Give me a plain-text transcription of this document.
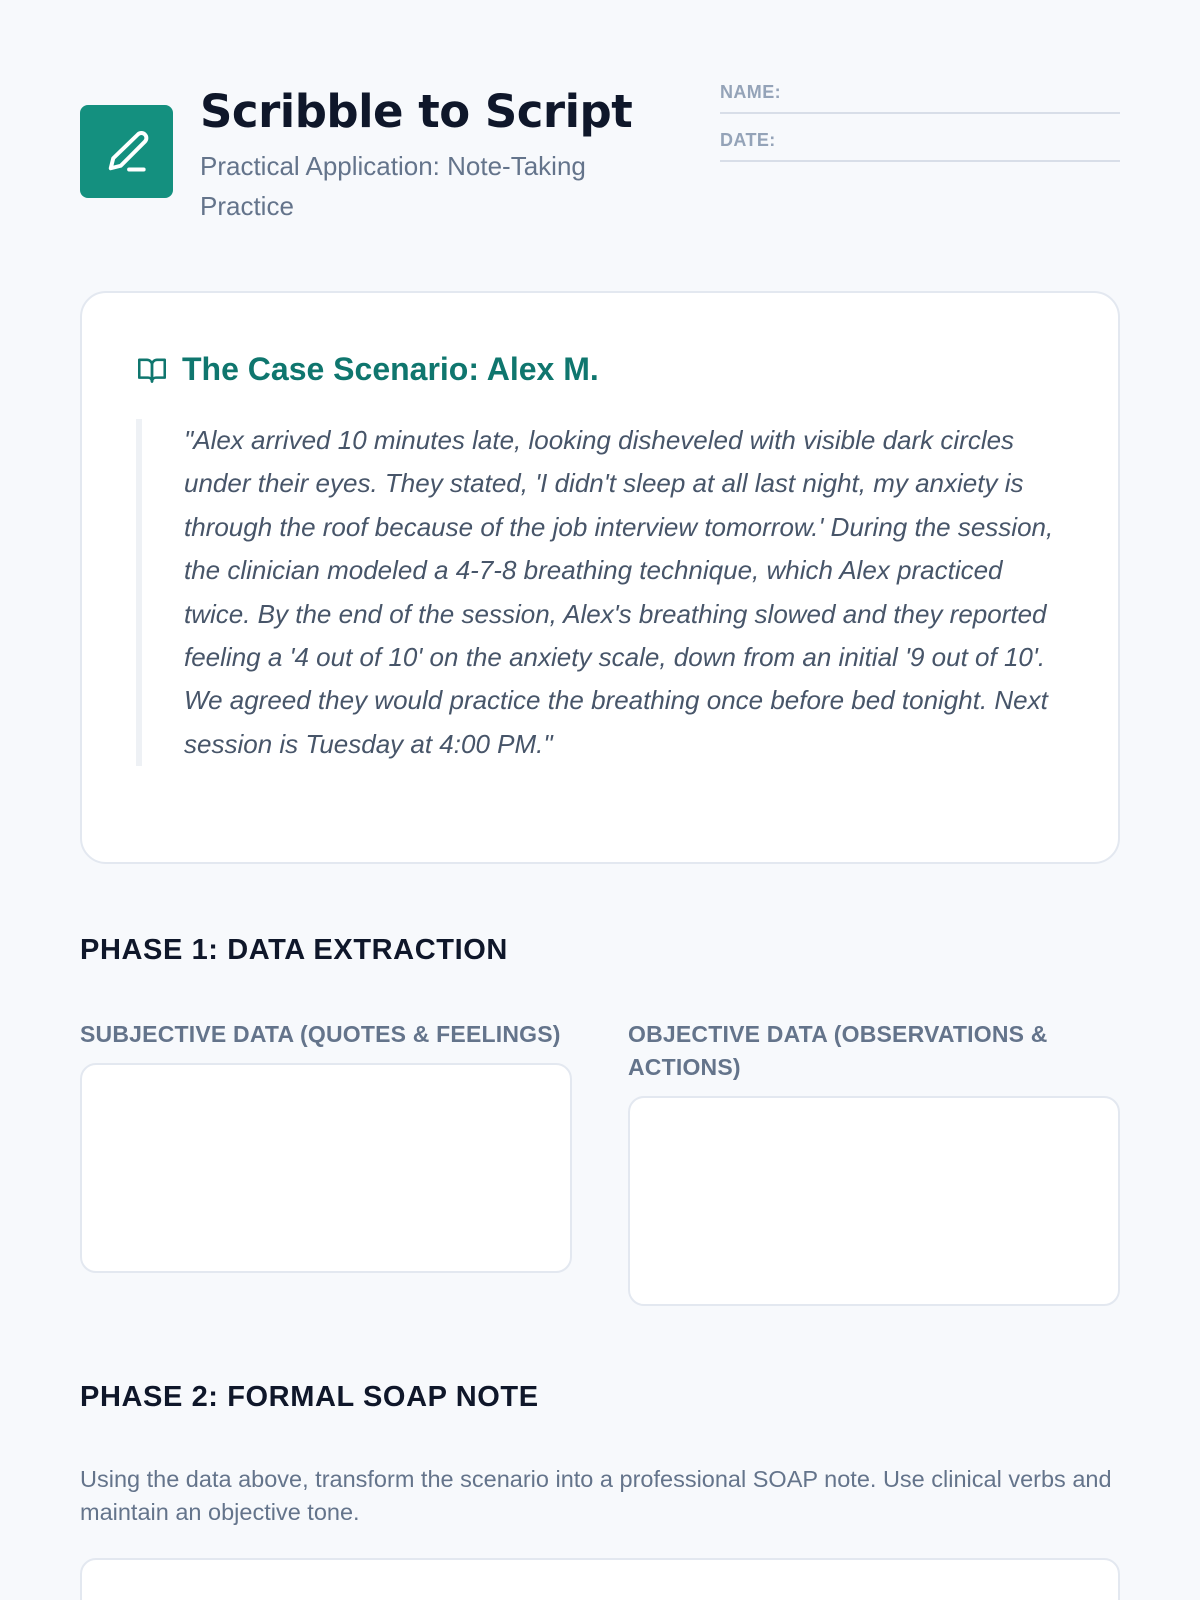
Scribble to Script
Practical Application: Note-Taking Practice
NAME:
DATE:
The Case Scenario: Alex M.
"Alex arrived 10 minutes late, looking disheveled with visible dark circles under their eyes. They stated, 'I didn't sleep at all last night, my anxiety is through the roof because of the job interview tomorrow.' During the session, the clinician modeled a 4-7-8 breathing technique, which Alex practiced twice. By the end of the session, Alex's breathing slowed and they reported feeling a '4 out of 10' on the anxiety scale, down from an initial '9 out of 10'. We agreed they would practice the breathing once before bed tonight. Next session is Tuesday at 4:00 PM."
PHASE 1: DATA EXTRACTION
SUBJECTIVE DATA (QUOTES & FEELINGS)	OBJECTIVE DATA (OBSERVATIONS & ACTIONS)
PHASE 2: FORMAL SOAP NOTE

Using the data above, transform the scenario into a professional SOAP note. Use clinical verbs and maintain an objective tone.
